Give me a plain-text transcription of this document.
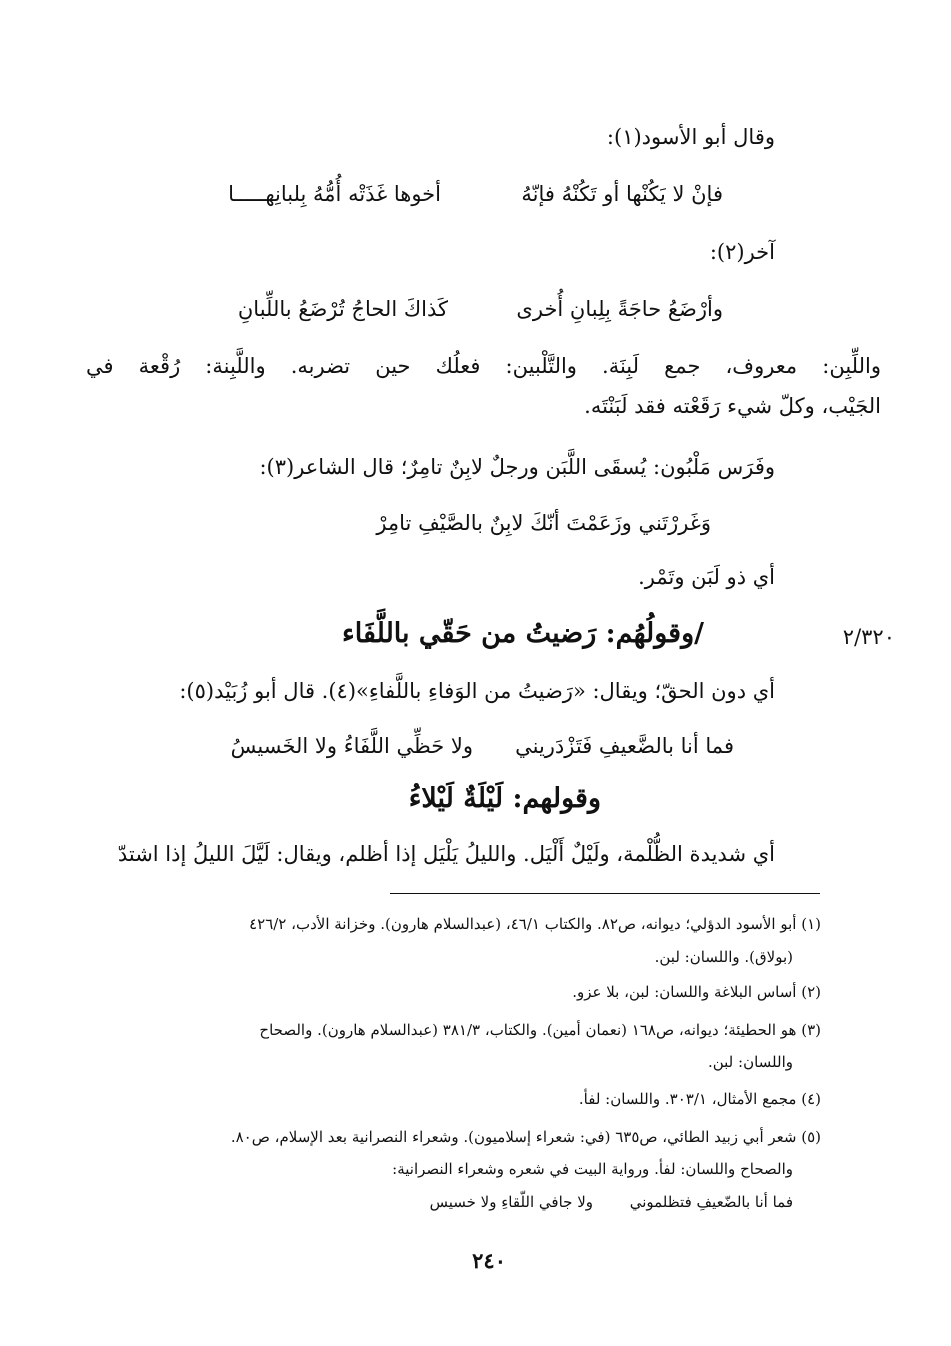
وقال أبو الأسود(١):
فإنْ لا يَكُنْها أو تَكُنْهُ فإنّهُ
أخوها غَذَتْه أُمُّهُ بِلبانِهـــــا
آخر(٢):
وأرْضَعُ حاجَةً بِلِبانِ أُخرى
كَذاكَ الحاجُ تُرْضَعُ باللِّبانِ
واللِّبِن: معروف، جمع لَبِنَة. والتَّلْبين: فعلُك حين تضربه. واللَّبِنة: رُقْعة في
الجَيْب، وكلّ شيء رَقَعْته فقد لَبَنْتَه.
وفَرَس مَلْبُون: يُسقَى اللَّبَن ورجلٌ لابِنٌ تامِرٌ؛ قال الشاعر(٣):
وَغَررْتَني وزَعَمْتَ أنّكَ لابِنٌ بالصَّيْفِ تامِرْ
أي ذو لَبَن وتَمْر.
٢/٣٢٠
/وقولُهُم: رَضيتُ من حَقّي باللَّفَاء
أي دون الحقّ؛ ويقال: «رَضيتُ من الوَفاءِ باللَّفاءِ»(٤). قال أبو زُبَيْد(٥):
فما أنا بالضَّعيفِ فَتَزْدَريني
ولا حَظِّي اللَّفَاءُ ولا الخَسيسُ
وقولهم: لَيْلَةٌ لَيْلاءُ
أي شديدة الظُّلْمة، ولَيْلٌ أَلْيَل. والليلُ يَلْيَل إذا أظلم، ويقال: لَيَّلَ الليلُ إذا اشتدّ
(١) أبو الأسود الدؤلي؛ ديوانه، ص٨٢. والكتاب ٤٦/١، (عبدالسلام هارون). وخزانة الأدب، ٤٢٦/٢
(بولاق). واللسان: لبن.
(٢) أساس البلاغة واللسان: لبن، بلا عزو.
(٣) هو الحطيئة؛ ديوانه، ص١٦٨ (نعمان أمين). والكتاب، ٣٨١/٣ (عبدالسلام هارون). والصحاح
واللسان: لبن.
(٤) مجمع الأمثال، ٣٠٣/١. واللسان: لفأ.
(٥) شعر أبي زبيد الطائي، ص٦٣٥ (في: شعراء إسلاميون). وشعراء النصرانية بعد الإسلام، ص٨٠.
والصحاح واللسان: لفأ. ورواية البيت في شعره وشعراء النصرانية:
فما أنا بالضّعيفِ فتظلموني
ولا جافي اللّقاءِ ولا خسيس
٢٤٠
